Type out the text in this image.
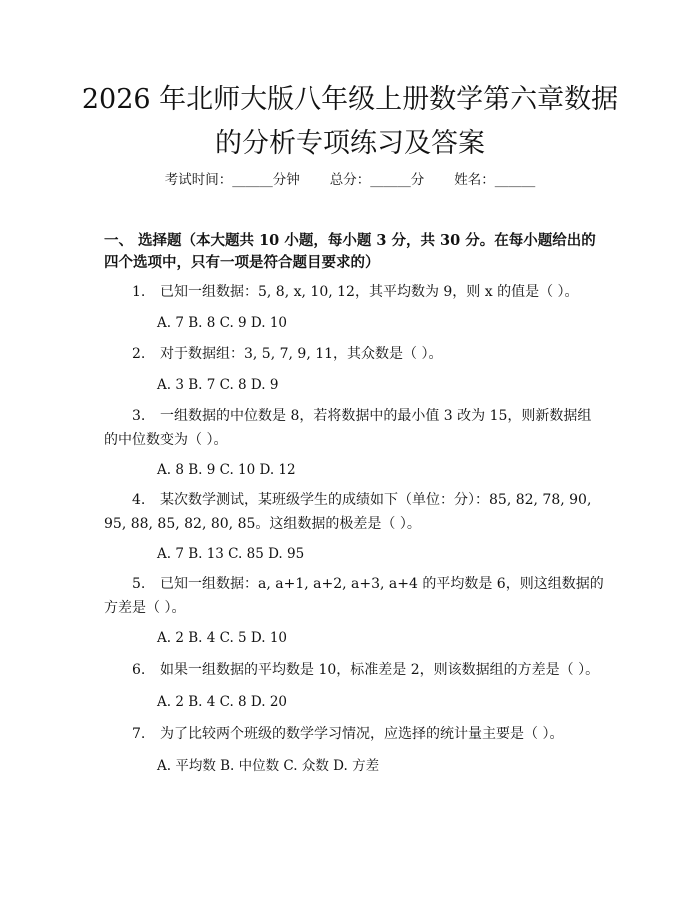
2026 年北师大版八年级上册数学第六章数据
的分析专项练习及答案
考试时间：______分钟       总分：______分       姓名：______
一、 选择题（本大题共 10 小题，每小题 3 分，共 30 分。在每小题给出的四个选项中，只有一项是符合题目要求的）
1. 已知一组数据：5, 8, x, 10, 12，其平均数为 9，则 x 的值是（ ）。
A. 7 B. 8 C. 9 D. 10
2. 对于数据组：3, 5, 7, 9, 11，其众数是（ ）。
A. 3 B. 7 C. 8 D. 9
3. 一组数据的中位数是 8，若将数据中的最小值 3 改为 15，则新数据组的中位数变为（ ）。
A. 8 B. 9 C. 10 D. 12
4. 某次数学测试，某班级学生的成绩如下（单位：分）：85, 82, 78, 90, 95, 88, 85, 82, 80, 85。这组数据的极差是（ ）。
A. 7 B. 13 C. 85 D. 95
5. 已知一组数据：a, a+1, a+2, a+3, a+4 的平均数是 6，则这组数据的方差是（ ）。
A. 2 B. 4 C. 5 D. 10
6. 如果一组数据的平均数是 10，标准差是 2，则该数据组的方差是（ ）。
A. 2 B. 4 C. 8 D. 20
7. 为了比较两个班级的数学学习情况，应选择的统计量主要是（ ）。
A. 平均数 B. 中位数 C. 众数 D. 方差
